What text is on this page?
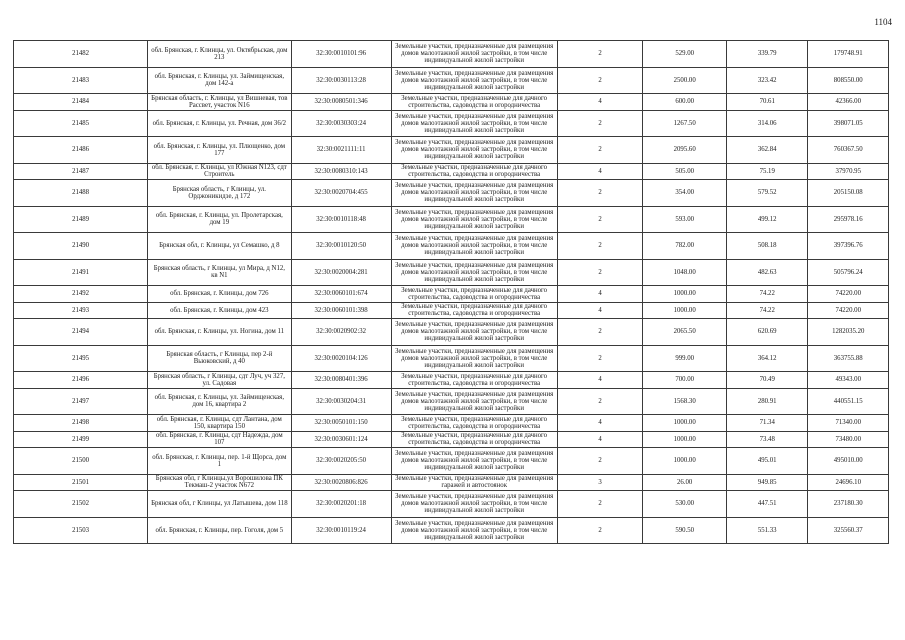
1104
21482	обл. Брянская, г. Клинцы, ул. Октябрьская, дом 213	32:30:0010101:96	Земельные участки, предназначенные для размещения домов малоэтажной жилой застройки, в том числе индивидуальной жилой застройки	2	529.00	339.79	179748.91
21483	обл. Брянская, г. Клинцы, ул. Займищенская, дом 142-а	32:30:0030113:28	Земельные участки, предназначенные для размещения домов малоэтажной жилой застройки, в том числе индивидуальной жилой застройки	2	2500.00	323.42	808550.00
21484	Брянская область, г. Клинцы, ул Вишневая, тов Рассвет, участок N16	32:30:0080501:346	Земельные участки, предназначенные для дачного строительства, садоводства и огородничества	4	600.00	70.61	42366.00
21485	обл. Брянская, г. Клинцы, ул. Речная, дом 36/2	32:30:0030303:24	Земельные участки, предназначенные для размещения домов малоэтажной жилой застройки, в том числе индивидуальной жилой застройки	2	1267.50	314.06	398071.05
21486	обл. Брянская, г. Клинцы, ул. Плющенко, дом 177	32:30:0021111:11	Земельные участки, предназначенные для размещения домов малоэтажной жилой застройки, в том числе индивидуальной жилой застройки	2	2095.60	362.84	760367.50
21487	обл. Брянская, г. Клинцы, ул Южная N123, сдт Строитель	32:30:0080310:143	Земельные участки, предназначенные для дачного строительства, садоводства и огородничества	4	505.00	75.19	37970.95
21488	Брянская область, г Клинцы, ул. Орджоникидзе, д 172	32:30:0020704:455	Земельные участки, предназначенные для размещения домов малоэтажной жилой застройки, в том числе индивидуальной жилой застройки	2	354.00	579.52	205150.08
21489	обл. Брянская, г. Клинцы, ул. Пролетарская, дом 19	32:30:0010118:48	Земельные участки, предназначенные для размещения домов малоэтажной жилой застройки, в том числе индивидуальной жилой застройки	2	593.00	499.12	295978.16
21490	Брянская обл, г. Клинцы, ул Семашко, д 8	32:30:0010120:50	Земельные участки, предназначенные для размещения домов малоэтажной жилой застройки, в том числе индивидуальной жилой застройки	2	782.00	508.18	397396.76
21491	Брянская область, г Клинцы, ул Мира, д N12, кв N1	32:30:0020004:281	Земельные участки, предназначенные для размещения домов малоэтажной жилой застройки, в том числе индивидуальной жилой застройки	2	1048.00	482.63	505796.24
21492	обл. Брянская, г. Клинцы, дом 726	32:30:0060101:674	Земельные участки, предназначенные для дачного строительства, садоводства и огородничества	4	1000.00	74.22	74220.00
21493	обл. Брянская, г. Клинцы, дом 423	32:30:0060101:398	Земельные участки, предназначенные для дачного строительства, садоводства и огородничества	4	1000.00	74.22	74220.00
21494	обл. Брянская, г. Клинцы, ул. Ногина, дом 11	32:30:0020902:32	Земельные участки, предназначенные для размещения домов малоэтажной жилой застройки, в том числе индивидуальной жилой застройки	2	2065.50	620.69	1282035.20
21495	Брянская область, г Клинцы, пер 2-й Вьюковский, д 40	32:30:0020104:126	Земельные участки, предназначенные для размещения домов малоэтажной жилой застройки, в том числе индивидуальной жилой застройки	2	999.00	364.12	363755.88
21496	Брянская область, г Клинцы, сдт Луч, уч 327, ул. Садовая	32:30:0080401:396	Земельные участки, предназначенные для дачного строительства, садоводства и огородничества	4	700.00	70.49	49343.00
21497	обл. Брянская, г. Клинцы, ул. Займищенская, дом 16, квартира 2	32:30:0030204:31	Земельные участки, предназначенные для размещения домов малоэтажной жилой застройки, в том числе индивидуальной жилой застройки	2	1568.30	280.91	440551.15
21498	обл. Брянская, г. Клинцы, сдт Лантана, дом 150, квартира 150	32:30:0050101:150	Земельные участки, предназначенные для дачного строительства, садоводства и огородничества	4	1000.00	71.34	71340.00
21499	обл. Брянская, г. Клинцы, сдт Надежда, дом 107	32:30:0030601:124	Земельные участки, предназначенные для дачного строительства, садоводства и огородничества	4	1000.00	73.48	73480.00
21500	обл. Брянская, г. Клинцы, пер. 1-й Щорса, дом 1	32:30:0020205:50	Земельные участки, предназначенные для размещения домов малоэтажной жилой застройки, в том числе индивидуальной жилой застройки	2	1000.00	495.01	495010.00
21501	Брянская обл, г Клинцы,ул Ворошилова ПК Текмаш-2 участок N672	32:30:0020806:826	Земельные участки, предназначенные для размещения гаражей и автостоянок	3	26.00	949.85	24696.10
21502	Брянская обл, г Клинцы, ул Латышева, дом 118	32:30:0020201:18	Земельные участки, предназначенные для размещения домов малоэтажной жилой застройки, в том числе индивидуальной жилой застройки	2	530.00	447.51	237180.30
21503	обл. Брянская, г. Клинцы, пер. Гоголя, дом 5	32:30:0010119:24	Земельные участки, предназначенные для размещения домов малоэтажной жилой застройки, в том числе индивидуальной жилой застройки	2	590.50	551.33	325560.37
